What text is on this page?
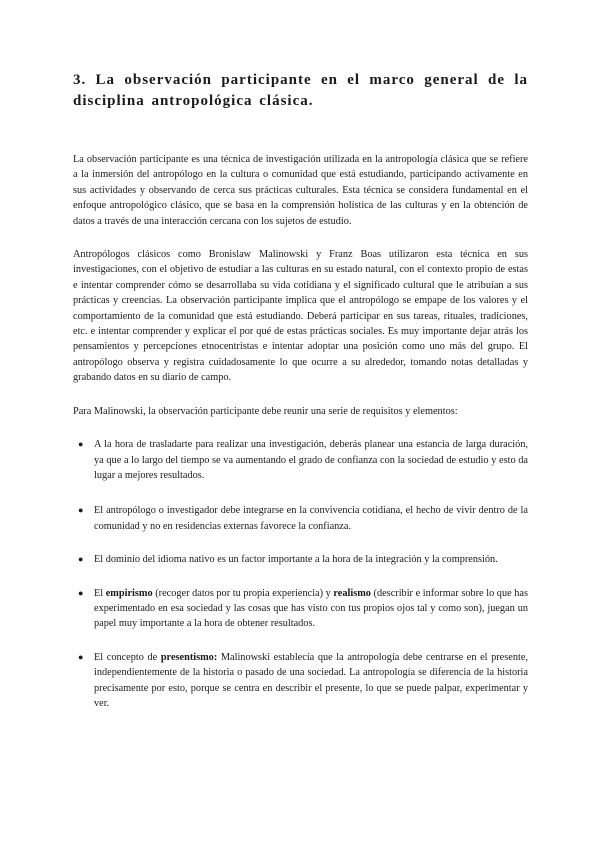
3. La observación participante en el marco general de la disciplina antropológica clásica.

La observación participante es una técnica de investigación utilizada en la antropología clásica que se refiere a la inmersión del antropólogo en la cultura o comunidad que está estudiando, participando activamente en sus actividades y observando de cerca sus prácticas culturales. Esta técnica se considera fundamental en el enfoque antropológico clásico, que se basa en la comprensión holística de las culturas y en la obtención de datos a través de una interacción cercana con los sujetos de estudio.

Antropólogos clásicos como Bronislaw Malinowski y Franz Boas utilizaron esta técnica en sus investigaciones, con el objetivo de estudiar a las culturas en su estado natural, con el contexto propio de estas e intentar comprender cómo se desarrollaba su vida cotidiana y el significado cultural que le atribuían a sus prácticas y creencias. La observación participante implica que el antropólogo se empape de los valores y el comportamiento de la comunidad que está estudiando. Deberá participar en sus tareas, rituales, tradiciones, etc. e intentar comprender y explicar el por qué de estas prácticas sociales. Es muy importante dejar atrás los pensamientos y percepciones etnocentristas e intentar adoptar una posición como uno más del grupo. El antropólogo observa y registra cuidadosamente lo que ocurre a su alrededor, tomando notas detalladas y grabando datos en su diario de campo.

Para Malinowski, la observación participante debe reunir una serie de requisitos y elementos:

● A la hora de trasladarte para realizar una investigación, deberás planear una estancia de larga duración, ya que a lo largo del tiempo se va aumentando el grado de confianza con la sociedad de estudio y esto da lugar a mejores resultados.
● El antropólogo o investigador debe integrarse en la convivencia cotidiana, el hecho de vivir dentro de la comunidad y no en residencias externas favorece la confianza.
● El dominio del idioma nativo es un factor importante a la hora de la integración y la comprensión.
● El empirismo (recoger datos por tu propia experiencia) y realismo (describir e informar sobre lo que has experimentado en esa sociedad y las cosas que has visto con tus propios ojos tal y como son), juegan un papel muy importante a la hora de obtener resultados.
● El concepto de presentismo: Malinowski establecía que la antropología debe centrarse en el presente, independientemente de la historia o pasado de una sociedad. La antropología se diferencia de la historia precisamente por esto, porque se centra en describir el presente, lo que se puede palpar, experimentar y ver.
